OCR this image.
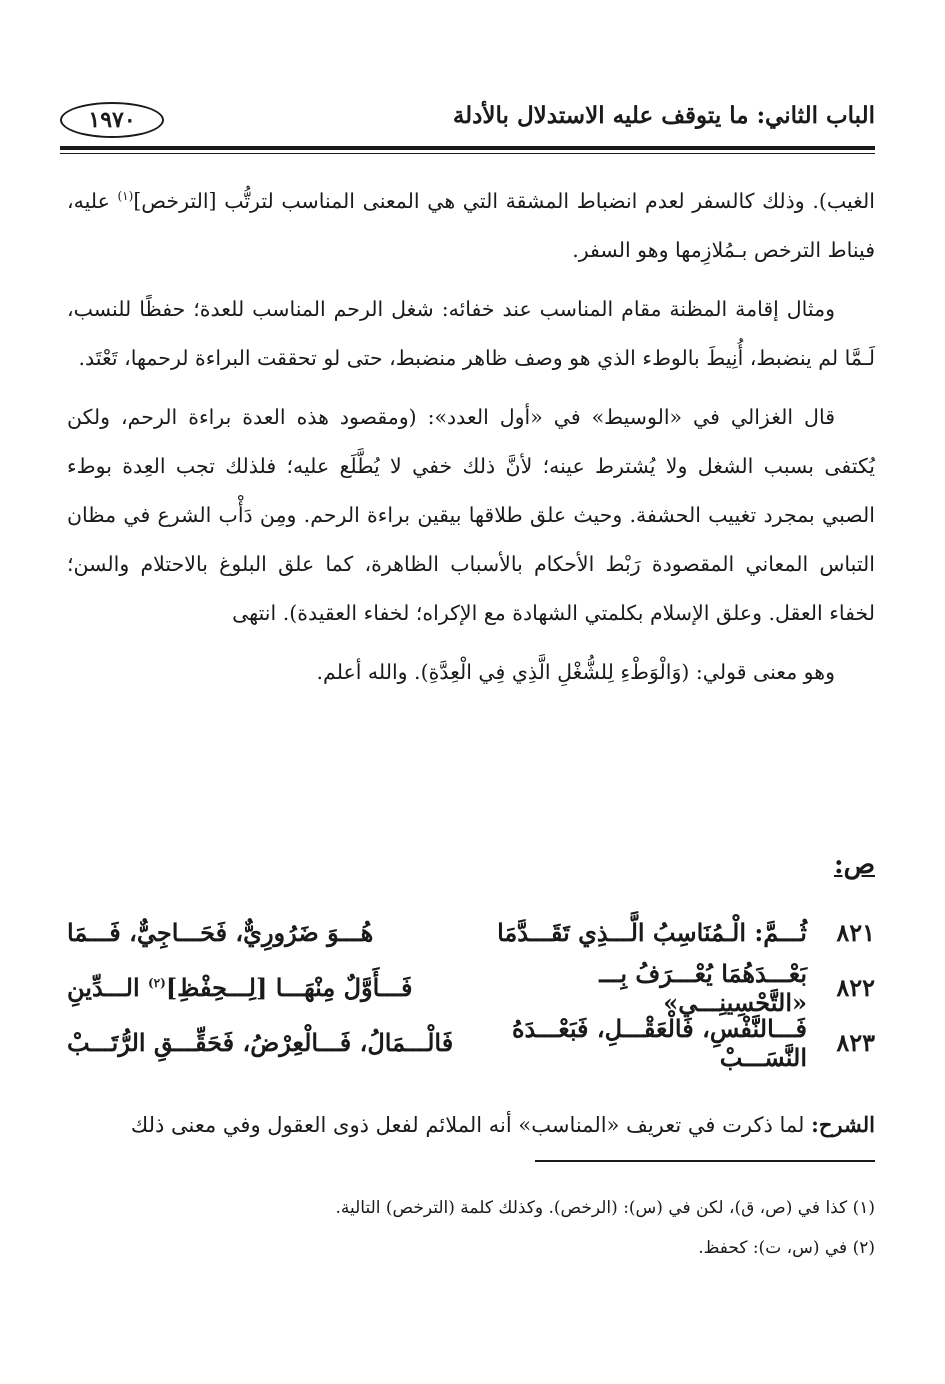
الباب الثاني: ما يتوقف عليه الاستدلال بالأدلة
١٩٧٠

الغيب). وذلك كالسفر لعدم انضباط المشقة التي هي المعنى المناسب لترتُّب [الترخص]$^{(١)}$ عليه، فيناط الترخص بـمُلازِمها وهو السفر.

ومثال إقامة المظنة مقام المناسب عند خفائه: شغل الرحم المناسب للعدة؛ حفظًا للنسب، لَـمَّا لم ينضبط، أُنِيطَ بالوطء الذي هو وصف ظاهر منضبط، حتى لو تحققت البراءة لرحمها، تَعْتَد.

قال الغزالي في «الوسيط» في «أول العدد»: (ومقصود هذه العدة براءة الرحم، ولكن يُكتفى بسبب الشغل ولا يُشترط عينه؛ لأنَّ ذلك خفي لا يُطَّلَع عليه؛ فلذلك تجب العِدة بوطء الصبي بمجرد تغييب الحشفة. وحيث علق طلاقها بيقين براءة الرحم. ومِن دَأْب الشرع في مظان التباس المعاني المقصودة رَبْط الأحكام بالأسباب الظاهرة، كما علق البلوغ بالاحتلام والسن؛ لخفاء العقل. وعلق الإسلام بكلمتي الشهادة مع الإكراه؛ لخفاء العقيدة). انتهى

وهو معنى قولي: (وَالْوَطْءِ لِلشُّغْلِ الَّذِي فِي الْعِدَّةِ). والله أعلم.

ص:
٨٢١
ثُـــمَّ: الْـمُنَاسِبُ الَّـــذِي تَقَـــدَّمَا
هُـــوَ ضَرُورِيٌّ، فَحَـــاجِيٌّ، فَـــمَا
٨٢٢
بَعْـــدَهُمَا يُعْـــرَفُ بِـــ «التَّحْسِينِـــي»
فَـــأَوَّلٌ مِنْهَـــا [لِـــحِفْظِ]$^{(٢)}$ الـــدِّينِ
٨٢٣
فَـــالنَّفْسِ، فَالْعَقْـــلِ، فَبَعْـــدَهُ النَّسَـــبْ
فَالْـــمَالُ، فَـــالْعِرْضُ، فَحَقِّـــقِ الرُّتَـــبْ
الشرح: لما ذكرت في تعريف «المناسب» أنه الملائم لفعل ذوى العقول وفي معنى ذلك
(١) كذا في (ص، ق)، لكن في (س): (الرخص). وكذلك كلمة (الترخص) التالية.
(٢) في (س، ت): كحفظ.
